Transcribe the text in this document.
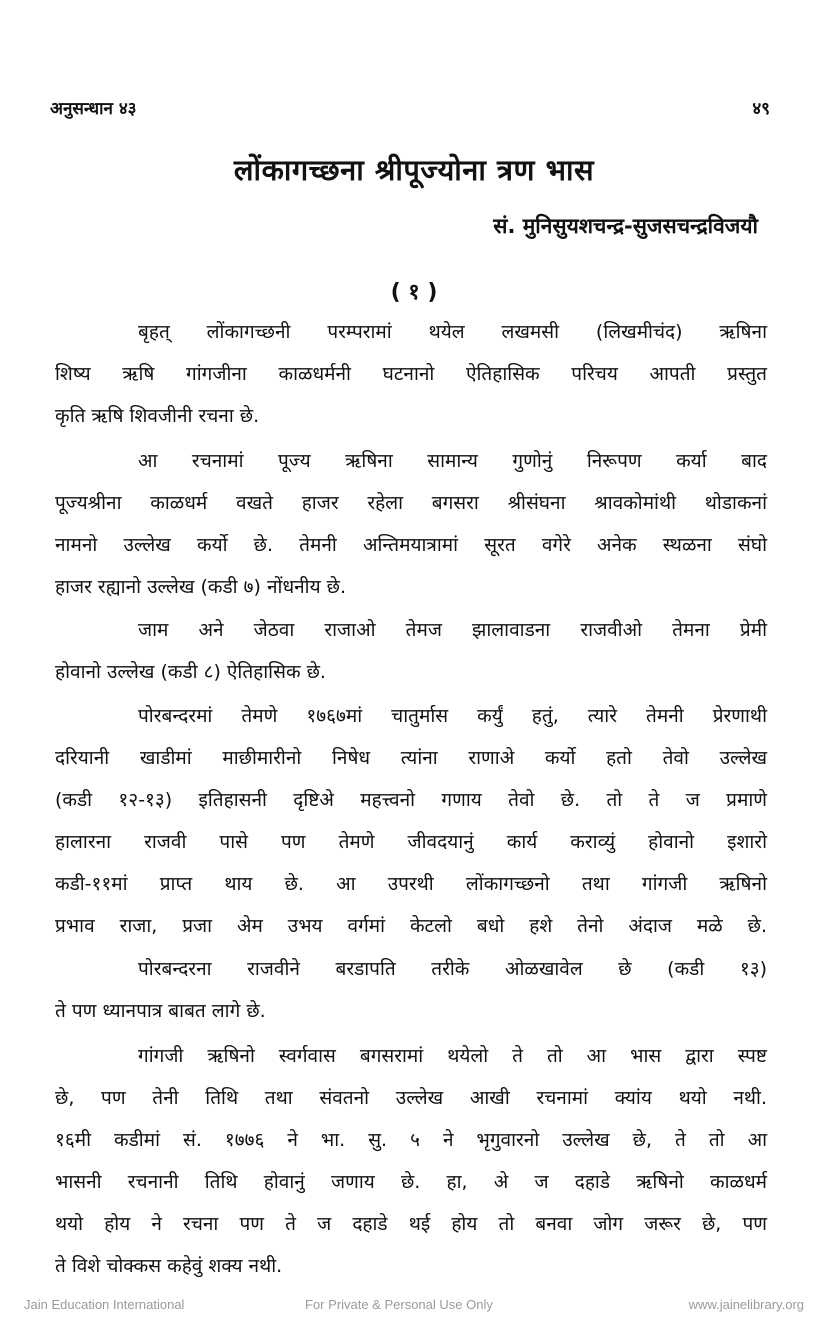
अनुसन्धान ४३	४९
लोंकागच्छना श्रीपूज्योना त्रण भास
सं. मुनिसुयशचन्द्र-सुजसचन्द्रविजयौ
( १ )
बृहत् लोंकागच्छनी परम्परामां थयेल लखमसी (लिखमीचंद) ऋषिना
शिष्य ऋषि गांगजीना काळधर्मनी घटनानो ऐतिहासिक परिचय आपती प्रस्तुत
कृति ऋषि शिवजीनी रचना छे.
आ रचनामां पूज्य ऋषिना सामान्य गुणोनुं निरूपण कर्या बाद
पूज्यश्रीना काळधर्म वखते हाजर रहेला बगसरा श्रीसंघना श्रावकोमांथी थोडाकनां
नामनो उल्लेख कर्यो छे. तेमनी अन्तिमयात्रामां सूरत वगेरे अनेक स्थळना संघो
हाजर रह्यानो उल्लेख (कडी ७) नोंधनीय छे.
जाम अने जेठवा राजाओ तेमज झालावाडना राजवीओ तेमना प्रेमी
होवानो उल्लेख (कडी ८) ऐतिहासिक छे.
पोरबन्दरमां तेमणे १७६७मां चातुर्मास कर्युं हतुं, त्यारे तेमनी प्रेरणाथी
दरियानी खाडीमां माछीमारीनो निषेध त्यांना राणाअे कर्यो हतो तेवो उल्लेख
(कडी १२-१३) इतिहासनी दृष्टिअे महत्त्वनो गणाय तेवो छे. तो ते ज प्रमाणे
हालारना राजवी पासे पण तेमणे जीवदयानुं कार्य कराव्युं होवानो इशारो
कडी-११मां प्राप्त थाय छे. आ उपरथी लोंकागच्छनो तथा गांगजी ऋषिनो
प्रभाव राजा, प्रजा अेम उभय वर्गमां केटलो बधो हशे तेनो अंदाज मळे छे.
पोरबन्दरना राजवीने बरडापति तरीके ओळखावेल छे (कडी १३)
ते पण ध्यानपात्र बाबत लागे छे.
गांगजी ऋषिनो स्वर्गवास बगसरामां थयेलो ते तो आ भास द्वारा स्पष्ट
छे, पण तेनी तिथि तथा संवतनो उल्लेख आखी रचनामां क्यांय थयो नथी.
१६मी कडीमां सं. १७७६ ने भा. सु. ५ ने भृगुवारनो उल्लेख छे, ते तो आ
भासनी रचनानी तिथि होवानुं जणाय छे. हा, अे ज दहाडे ऋषिनो काळधर्म
थयो होय ने रचना पण ते ज दहाडे थई होय तो बनवा जोग जरूर छे, पण
ते विशे चोक्कस कहेवुं शक्य नथी.
Jain Education International	For Private & Personal Use Only	www.jainelibrary.org
